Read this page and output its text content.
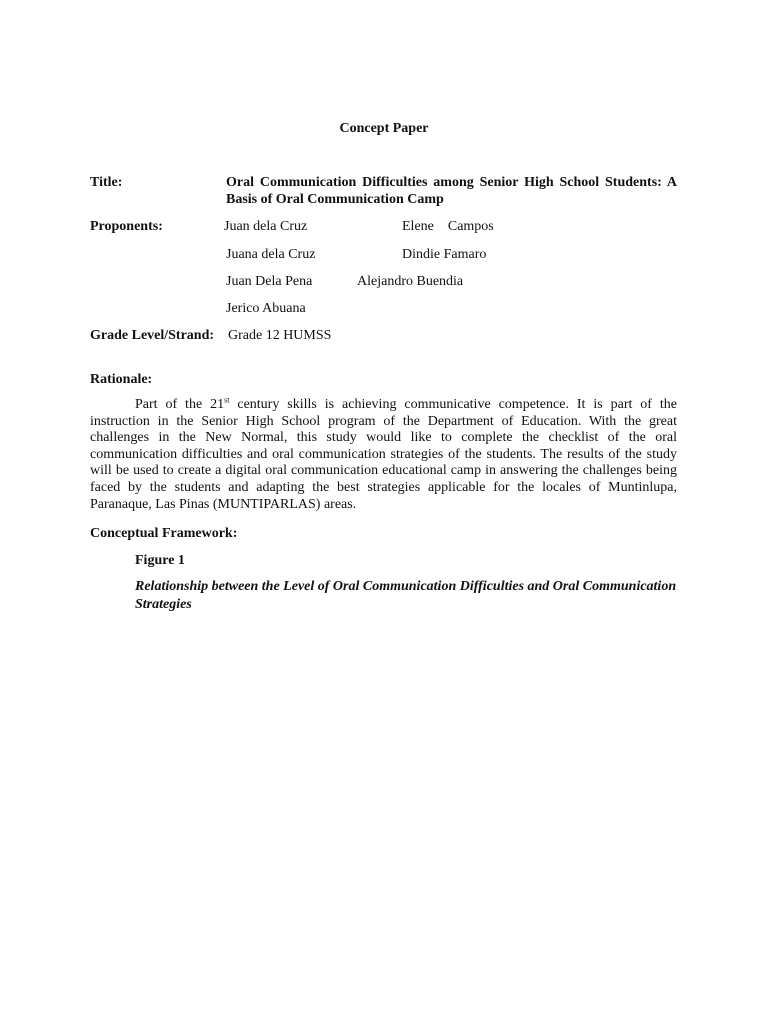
Concept Paper
Title:	Oral Communication Difficulties among Senior High School Students: A Basis of Oral Communication Camp
Proponents:	Juan dela Cruz	Elene    Campos
Juana dela Cruz	Dindie Famaro
Juan Dela Pena	Alejandro Buendia
Jerico Abuana
Grade Level/Strand: Grade 12 HUMSS
Rationale:
Part of the 21st century skills is achieving communicative competence. It is part of the instruction in the Senior High School program of the Department of Education. With the great challenges in the New Normal, this study would like to complete the checklist of the oral communication difficulties and oral communication strategies of the students. The results of the study will be used to create a digital oral communication educational camp in answering the challenges being faced by the students and adapting the best strategies applicable for the locales of Muntinlupa, Paranaque, Las Pinas (MUNTIPARLAS) areas.
Conceptual Framework:
Figure 1
Relationship between the Level of Oral Communication Difficulties and Oral Communication Strategies
